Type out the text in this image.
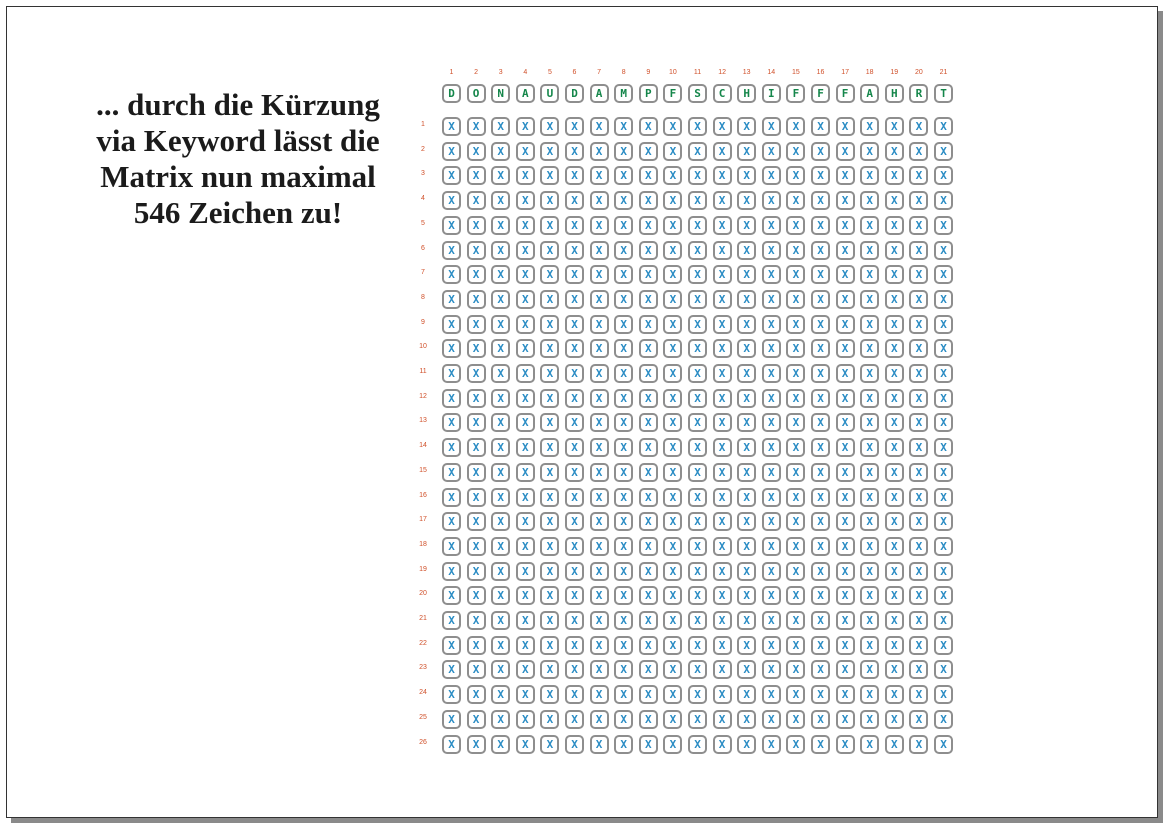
... durch die Kürzung
via Keyword lässt die
Matrix nun maximal
546 Zeichen zu!
1	2	3	4	5	6	7	8	9	10	11	12	13	14	15	16	17	18	19	20	21
D	O	N	A	U	D	A	M	P	F	S	C	H	I	F	F	F	A	H	R	T
1	X	X	X	X	X	X	X	X	X	X	X	X	X	X	X	X	X	X	X	X	X
2	X	X	X	X	X	X	X	X	X	X	X	X	X	X	X	X	X	X	X	X	X
3	X	X	X	X	X	X	X	X	X	X	X	X	X	X	X	X	X	X	X	X	X
4	X	X	X	X	X	X	X	X	X	X	X	X	X	X	X	X	X	X	X	X	X
5	X	X	X	X	X	X	X	X	X	X	X	X	X	X	X	X	X	X	X	X	X
6	X	X	X	X	X	X	X	X	X	X	X	X	X	X	X	X	X	X	X	X	X
7	X	X	X	X	X	X	X	X	X	X	X	X	X	X	X	X	X	X	X	X	X
8	X	X	X	X	X	X	X	X	X	X	X	X	X	X	X	X	X	X	X	X	X
9	X	X	X	X	X	X	X	X	X	X	X	X	X	X	X	X	X	X	X	X	X
10	X	X	X	X	X	X	X	X	X	X	X	X	X	X	X	X	X	X	X	X	X
11	X	X	X	X	X	X	X	X	X	X	X	X	X	X	X	X	X	X	X	X	X
12	X	X	X	X	X	X	X	X	X	X	X	X	X	X	X	X	X	X	X	X	X
13	X	X	X	X	X	X	X	X	X	X	X	X	X	X	X	X	X	X	X	X	X
14	X	X	X	X	X	X	X	X	X	X	X	X	X	X	X	X	X	X	X	X	X
15	X	X	X	X	X	X	X	X	X	X	X	X	X	X	X	X	X	X	X	X	X
16	X	X	X	X	X	X	X	X	X	X	X	X	X	X	X	X	X	X	X	X	X
17	X	X	X	X	X	X	X	X	X	X	X	X	X	X	X	X	X	X	X	X	X
18	X	X	X	X	X	X	X	X	X	X	X	X	X	X	X	X	X	X	X	X	X
19	X	X	X	X	X	X	X	X	X	X	X	X	X	X	X	X	X	X	X	X	X
20	X	X	X	X	X	X	X	X	X	X	X	X	X	X	X	X	X	X	X	X	X
21	X	X	X	X	X	X	X	X	X	X	X	X	X	X	X	X	X	X	X	X	X
22	X	X	X	X	X	X	X	X	X	X	X	X	X	X	X	X	X	X	X	X	X
23	X	X	X	X	X	X	X	X	X	X	X	X	X	X	X	X	X	X	X	X	X
24	X	X	X	X	X	X	X	X	X	X	X	X	X	X	X	X	X	X	X	X	X
25	X	X	X	X	X	X	X	X	X	X	X	X	X	X	X	X	X	X	X	X	X
26	X	X	X	X	X	X	X	X	X	X	X	X	X	X	X	X	X	X	X	X	X
